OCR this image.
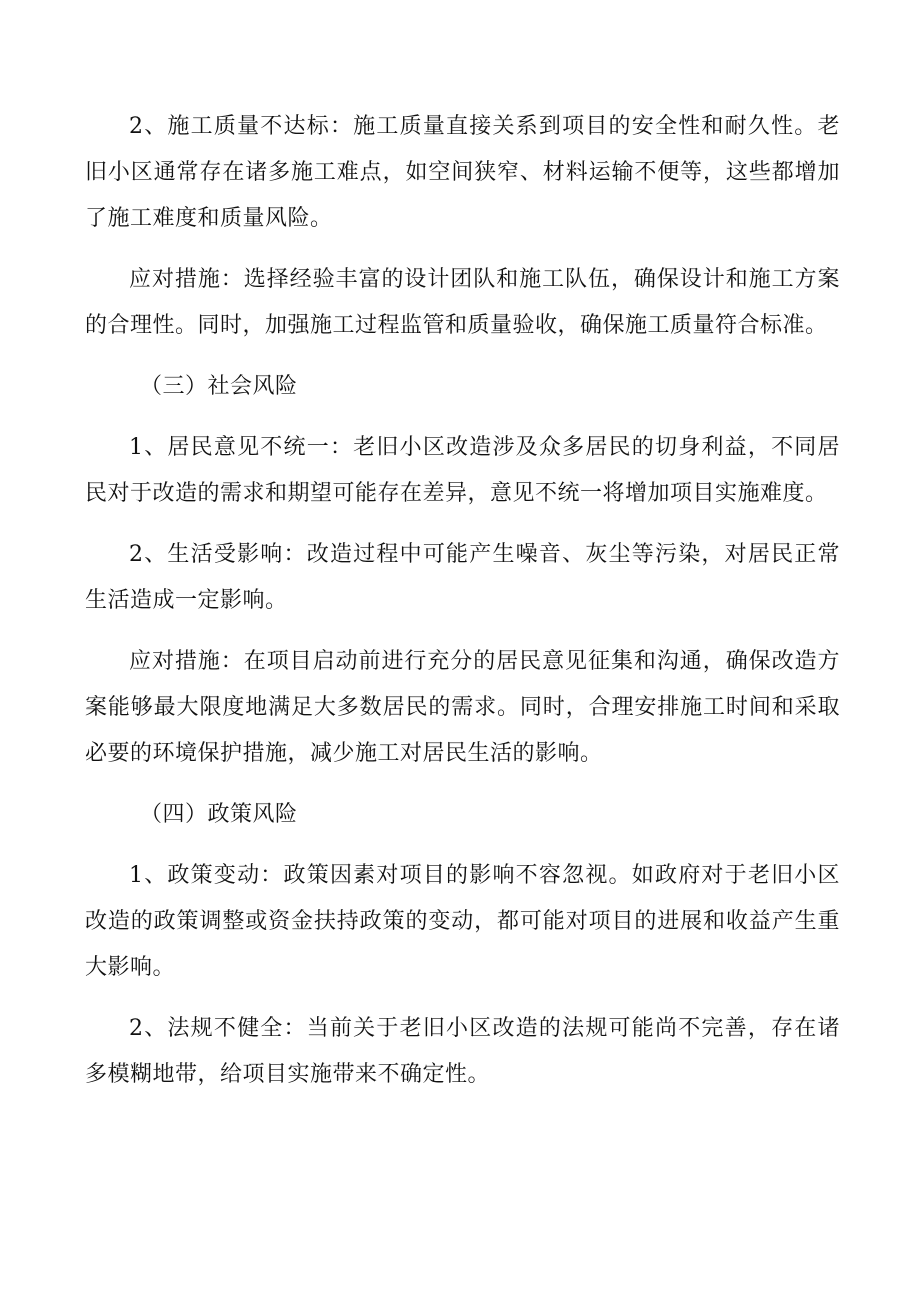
2、施工质量不达标：施工质量直接关系到项目的安全性和耐久性。老旧小区通常存在诸多施工难点，如空间狭窄、材料运输不便等，这些都增加了施工难度和质量风险。

应对措施：选择经验丰富的设计团队和施工队伍，确保设计和施工方案的合理性。同时，加强施工过程监管和质量验收，确保施工质量符合标准。

（三）社会风险

1、居民意见不统一：老旧小区改造涉及众多居民的切身利益，不同居民对于改造的需求和期望可能存在差异，意见不统一将增加项目实施难度。

2、生活受影响：改造过程中可能产生噪音、灰尘等污染，对居民正常生活造成一定影响。

应对措施：在项目启动前进行充分的居民意见征集和沟通，确保改造方案能够最大限度地满足大多数居民的需求。同时，合理安排施工时间和采取必要的环境保护措施，减少施工对居民生活的影响。

（四）政策风险

1、政策变动：政策因素对项目的影响不容忽视。如政府对于老旧小区改造的政策调整或资金扶持政策的变动，都可能对项目的进展和收益产生重大影响。

2、法规不健全：当前关于老旧小区改造的法规可能尚不完善，存在诸多模糊地带，给项目实施带来不确定性。
